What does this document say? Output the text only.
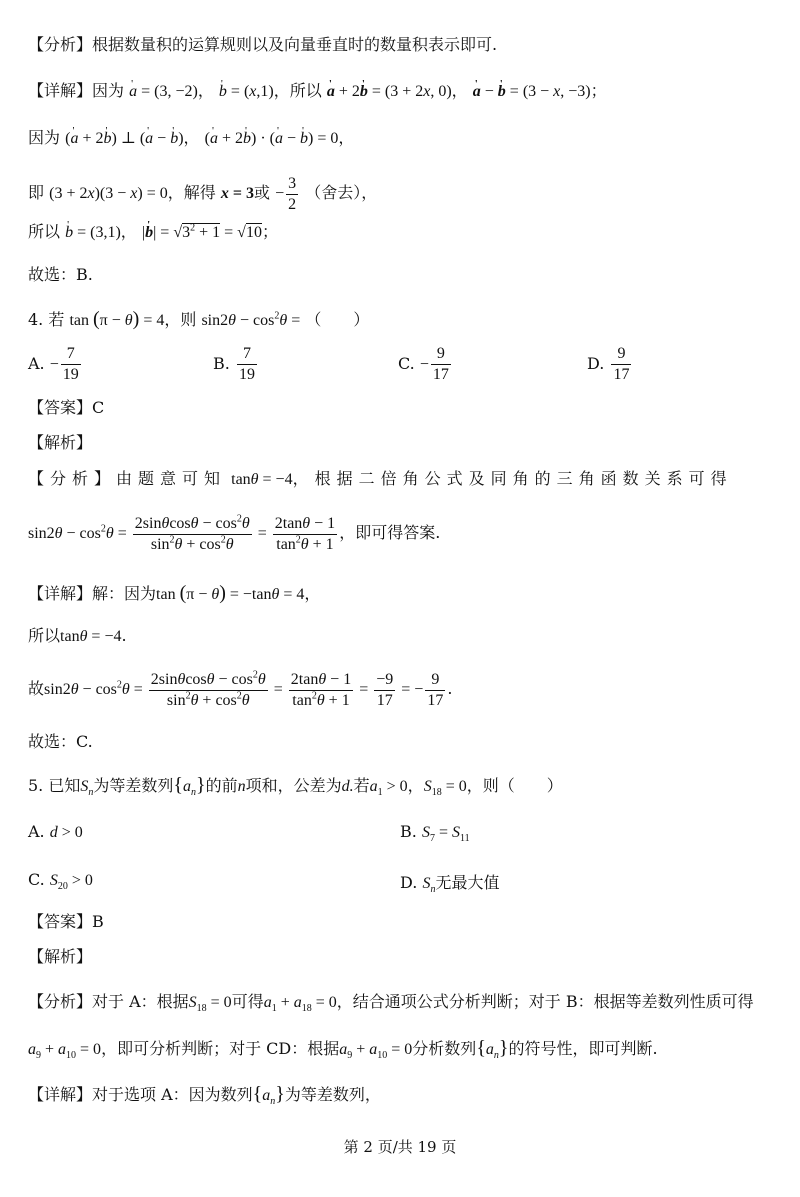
【分析】根据数量积的运算规则以及向量垂直时的数量积表示即可.
【详解】因为 ' a = (3, −2)， ' b = (x,1)，所以 ' a + 2' b = (3 + 2x, 0)， ' a − ' b = (3 − x, −3)；
因为 (' a + 2' b) ⊥ (' a − ' b)， (' a + 2' b) · (' a − ' b) = 0，
即 (3 + 2x)(3 − x) = 0，解得 x = 3或 − $\frac{3}{2}$ （舍去），
所以 ' b = (3,1)， |' $b| = √3^2 + 1 = √10$；
故选：B.
4. 若 tan (π − θ) = 4，则 $\sin 2\theta - \cos^2\theta$ = （　　）
A. − $\frac{7}{19}$	B. $\frac{7}{19}$	C. − $\frac{9}{17}$	D. $\frac{9}{17}$
【答案】C
【解析】
【分析】由题意可知 tanθ = −4，根据二倍角公式及同角的三角函数关系可得
$\sin 2\theta - \cos^2\theta = \frac{2\sin\theta\cos\theta - \cos^2\theta}{\sin^2\theta + \cos^2\theta} = \frac{2\tan\theta - 1}{\tan^2\theta + 1}$ ，即可得答案.
【详解】解：因为tan (π − θ) = −tanθ = 4，
所以tanθ = −4.
故$\sin 2\theta - \cos^2\theta = \frac{2\sin\theta\cos\theta - \cos^2\theta}{\sin^2\theta + \cos^2\theta} = \frac{2\tan\theta - 1}{\tan^2\theta + 1} = \frac{-9}{17}$ = − $\frac{9}{17}$ .
故选：C.
5. 已知$S_n$为等差数列$\{a_n\}$的前n项和，公差为d.若$a_1 > 0$，$S_{18} = 0$，则（　　）
A. d > 0	B. $S_7 = S_{11}$
C. $S_{20} > 0$	D. $S_n$无最大值
【答案】B
【解析】
【分析】对于 A：根据$S_{18} = 0$可得$a_1 + a_{18} = 0$，结合通项公式分析判断；对于 B：根据等差数列性质可得
$a_9 + a_{10} = 0$，即可分析判断；对于 CD：根据$a_9 + a_{10} = 0$分析数列$\{a_n\}$的符号性，即可判断.
【详解】对于选项 A：因为数列$\{a_n\}$为等差数列，
第 2 页/共 19 页
